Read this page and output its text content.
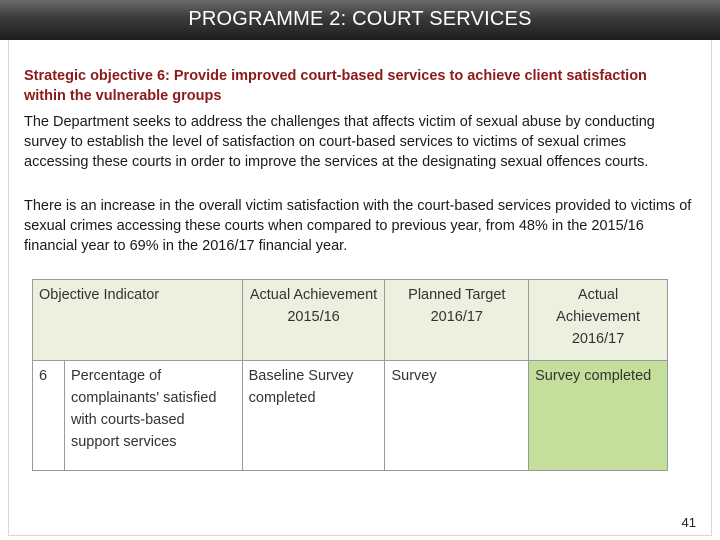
PROGRAMME 2: COURT SERVICES
Strategic objective 6: Provide improved court-based services to achieve client satisfaction within the vulnerable groups
The Department seeks to address the challenges that affects victim of sexual abuse by conducting survey to establish the level of satisfaction on court-based services to victims of sexual crimes accessing these courts in order to improve the services at the designating sexual offences courts.
There is an increase in the overall victim satisfaction with the court-based services provided to victims of sexual crimes accessing these courts when compared to previous year, from 48% in the 2015/16 financial year to 69% in the 2016/17 financial year.
Objective Indicator		Actual Achievement 2015/16	Planned Target 2016/17	Actual Achievement 2016/17
6	Percentage of complainants' satisfied with courts-based support services	Baseline Survey completed	Survey	Survey completed
41
